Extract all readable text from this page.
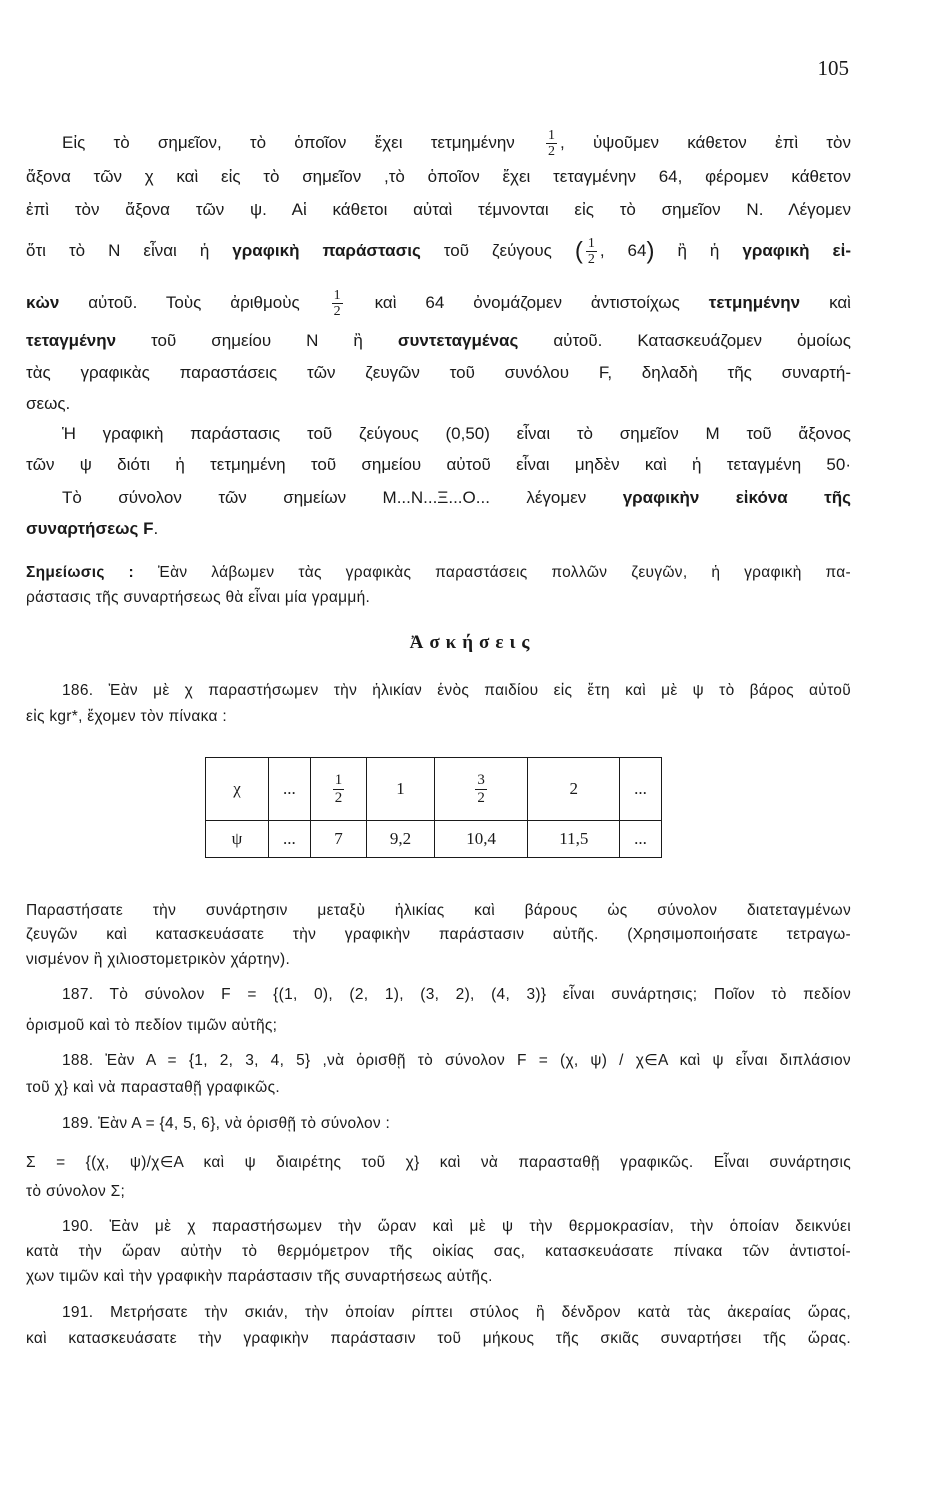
105
Εἰς τὸ σημεῖον, τὸ ὁποῖον ἔχει τετμημένην $\frac{1}{2}$ , ὑψοῦμεν κάθετον ἐπὶ τὸν
ἄξονα τῶν χ καὶ εἰς τὸ σημεῖον ,τὸ ὁποῖον ἔχει τεταγμένην 64, φέρομεν κάθετον
ἐπὶ τὸν ἄξονα τῶν ψ. Αἱ κάθετοι αὐταὶ τέμνονται εἰς τὸ σημεῖον Ν. Λέγομεν
ὅτι τὸ Ν εἶναι ἡ γραφικὴ παράστασις τοῦ ζεύγους ( $\frac{1}{2}$ , 64) ἢ ἡ γραφικὴ εἰ-
κὼν αὐτοῦ. Τοὺς ἀριθμοὺς $\frac{1}{2}$ καὶ 64 ὀνομάζομεν ἀντιστοίχως τετμημένην καὶ
τεταγμένην τοῦ σημείου Ν ἢ συντεταγμένας αὐτοῦ. Κατασκευάζομεν ὁμοίως
τὰς γραφικὰς παραστάσεις τῶν ζευγῶν τοῦ συνόλου F, δηλαδὴ τῆς συναρτή-
σεως.
Ἡ γραφικὴ παράστασις τοῦ ζεύγους (0,50) εἶναι τὸ σημεῖον Μ τοῦ ἄξονος
τῶν ψ διότι ἡ τετμημένη τοῦ σημείου αὐτοῦ εἶναι μηδὲν καὶ ἡ τεταγμένη 50·
Τὸ σύνολον τῶν σημείων Μ...Ν...Ξ...Ο... λέγομεν γραφικὴν εἰκόνα τῆς
συναρτήσεως F.
Σημείωσις : Ἐὰν λάβωμεν τὰς γραφικὰς παραστάσεις πολλῶν ζευγῶν, ἡ γραφικὴ πα-
ράστασις τῆς συναρτήσεως θὰ εἶναι μία γραμμή.
Ἀσκήσεις
186. Ἐὰν μὲ χ παραστήσωμεν τὴν ἡλικίαν ἑνὸς παιδίου εἰς ἔτη καὶ μὲ ψ τὸ βάρος αὐτοῦ
εἰς kgr*, ἔχομεν τὸν πίνακα :
χ	...	$\frac{1}{2}$	1	$\frac{3}{2}$	2	...
ψ	...	7	9,2	10,4	11,5	...
Παραστήσατε τὴν συνάρτησιν μεταξὺ ἡλικίας καὶ βάρους ὡς σύνολον διατεταγμένων
ζευγῶν καὶ κατασκευάσατε τὴν γραφικὴν παράστασιν αὐτῆς. (Χρησιμοποιήσατε τετραγω-
νισμένον ἢ χιλιοστομετρικὸν χάρτην).
187. Τὸ σύνολον F = {(1, 0), (2, 1), (3, 2), (4, 3)} εἶναι συνάρτησις; Ποῖον τὸ πεδίον
ὁρισμοῦ καὶ τὸ πεδίον τιμῶν αὐτῆς;
188. Ἐὰν Α = {1, 2, 3, 4, 5} ,νὰ ὁρισθῇ τὸ σύνολον F = (χ, ψ) / χ∈Α καὶ ψ εἶναι διπλάσιον
τοῦ χ} καὶ νὰ παρασταθῇ γραφικῶς.
189. Ἐὰν Α = {4, 5, 6}, νὰ ὁρισθῇ τὸ σύνολον :
Σ = {(χ, ψ)/χ∈Α καὶ ψ διαιρέτης τοῦ χ} καὶ νὰ παρασταθῇ γραφικῶς. Εἶναι συνάρτησις
τὸ σύνολον Σ;
190. Ἐὰν μὲ χ παραστήσωμεν τὴν ὥραν καὶ μὲ ψ τὴν θερμοκρασίαν, τὴν ὁποίαν δεικνύει
κατὰ τὴν ὥραν αὐτὴν τὸ θερμόμετρον τῆς οἰκίας σας, κατασκευάσατε πίνακα τῶν ἀντιστοί-
χων τιμῶν καὶ τὴν γραφικὴν παράστασιν τῆς συναρτήσεως αὐτῆς.
191. Μετρήσατε τὴν σκιάν, τὴν ὁποίαν ρίπτει στύλος ἢ δένδρον κατὰ τὰς ἀκεραίας ὥρας,
καὶ κατασκευάσατε τὴν γραφικὴν παράστασιν τοῦ μήκους τῆς σκιᾶς συναρτήσει τῆς ὥρας.
